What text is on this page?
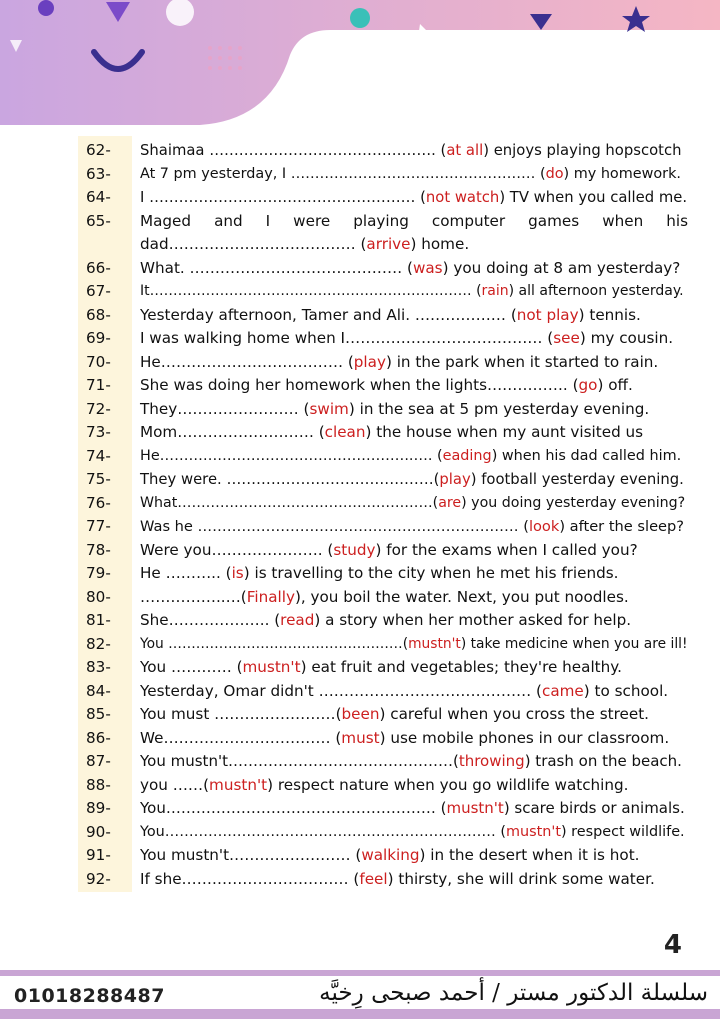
62-	Shaimaa ………………………………………. (at all) enjoys playing hopscotch
63-	At 7 pm yesterday, I …………………………………………… (do) my homework.
64-	I ……………………………………………… (not watch) TV when you called me.
65-	Maged and I were playing computer games when his dad……………….……………… (arrive) home.
66-	What. …………………………………… (was) you doing at 8 am yesterday?
67-	It…………………………………………………………… (rain) all afternoon yesterday.
68-	Yesterday afternoon, Tamer and Ali. ……………… (not play) tennis.
69-	I was walking home when I………………………………… (see) my cousin.
70-	He……………………………… (play) in the park when it started to rain.
71-	She was doing her homework when the lights……………. (go) off.
72-	They…………………… (swim) in the sea at 5 pm yesterday evening.
73-	Mom……………………… (clean) the house when my aunt visited us
74-	He……………………………………………..…. (eading) when his dad called him.
75-	They were. ……………………………………(play) football yesterday evening.
76-	What………………………………………………(are) you doing yesterday evening?
77-	Was he ………………………………………………………… (look) after the sleep?
78-	Were you…………………. (study) for the exams when I called you?
79-	He ……….. (is) is travelling to the city when he met his friends.
80-	……………..…(Finally), you boil the water. Next, you put noodles.
81-	She……………….. (read) a story when her mother asked for help.
82-	You ……………………………………………(mustn't) take medicine when you are ill!
83-	You ………… (mustn't) eat fruit and vegetables; they're healthy.
84-	Yesterday, Omar didn't …………………………………… (came) to school.
85-	You must ……………………(been) careful when you cross the street.
86-	We…………………………… (must) use mobile phones in our classroom.
87-	You mustn't………………………………………(throwing) trash on the beach.
88-	you ……(mustn't) respect nature when you go wildlife watching.
89-	You……………………………………………… (mustn't) scare birds or animals.
90-	You…………………………………………………………… (mustn't) respect wildlife.
91-	You mustn't…………………… (walking) in the desert when it is hot.
92-	If she…………………………… (feel) thirsty, she will drink some water.
4
01018288487	سلسلة الدكتور مستر / أحمد صبحى رِخيَّه
